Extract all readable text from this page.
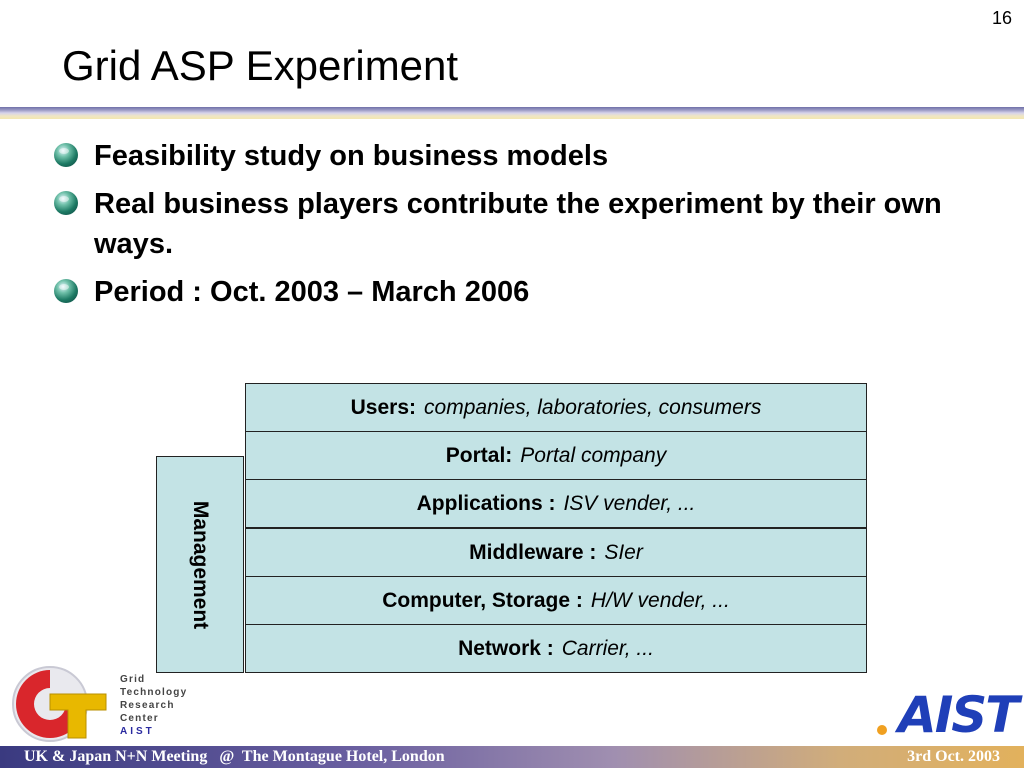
16
Grid ASP Experiment
Feasibility study on business models
Real business players contribute the experiment by their own ways.
Period : Oct. 2003 – March 2006
Management
Users: companies, laboratories, consumers
Portal: Portal company
Applications : ISV vender, ...
Middleware : SIer
Computer, Storage : H/W vender, ...
Network : Carrier, ...
Grid
Technology
Research
Center
AIST	AIST
UK & Japan N+N Meeting   @  The Montague Hotel, London	3rd Oct. 2003
